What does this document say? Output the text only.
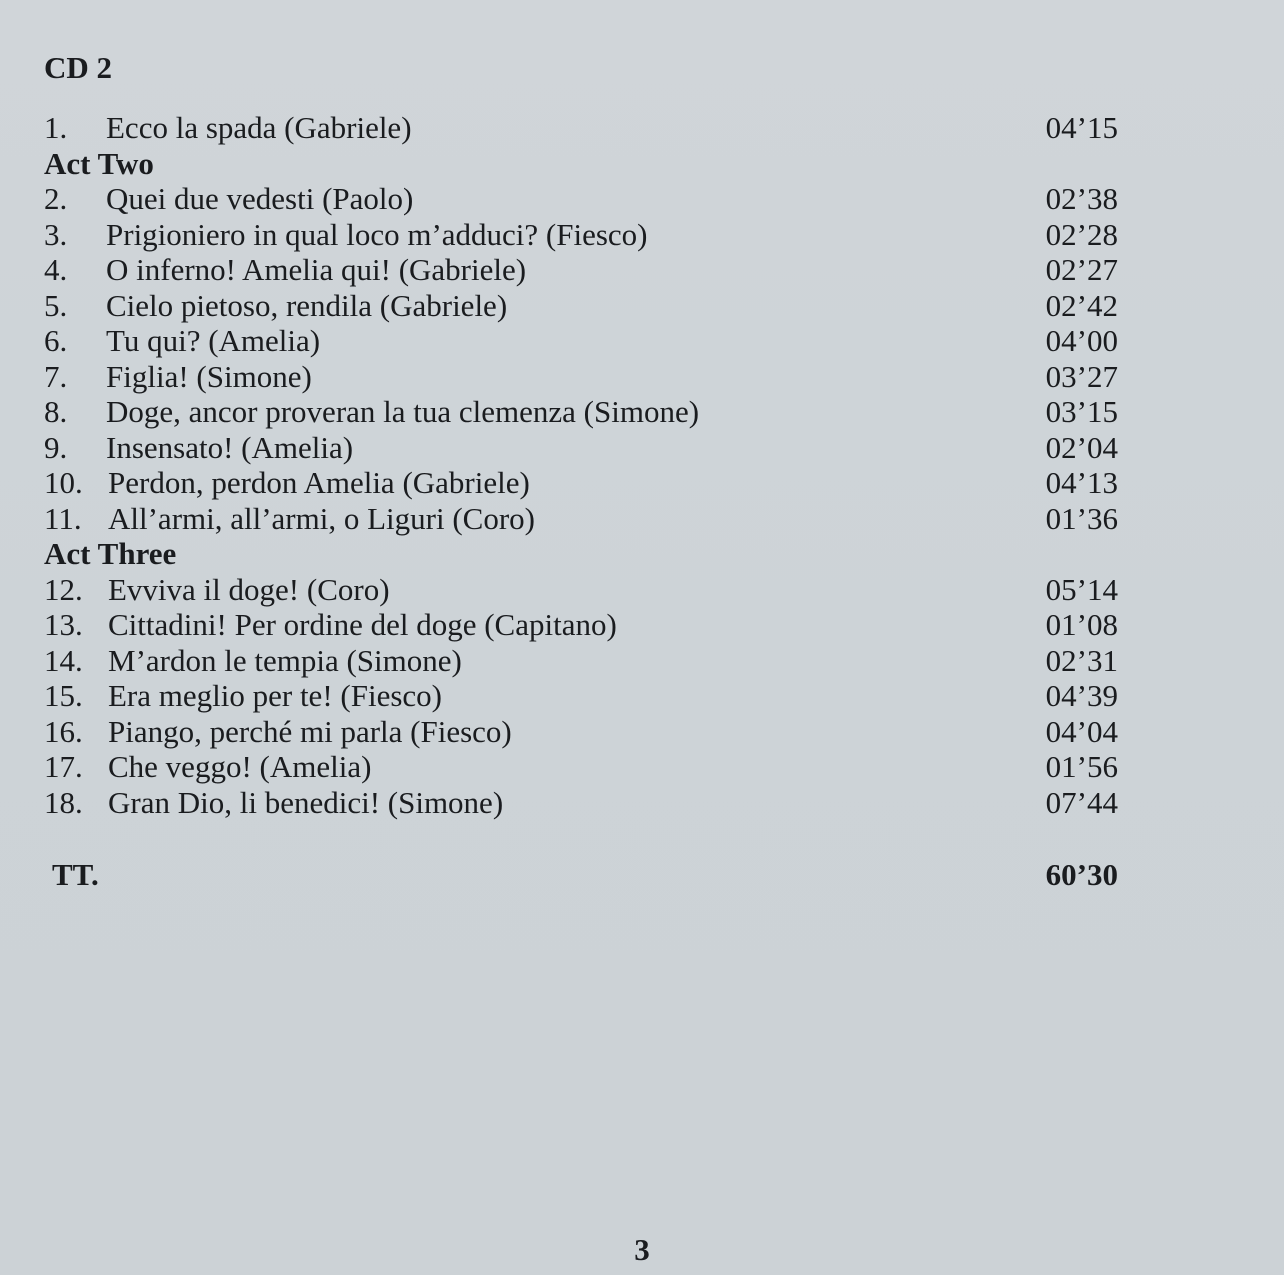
CD 2
1. Ecco la spada (Gabriele)	04’15
Act Two
2. Quei due vedesti (Paolo)	02’38
3. Prigioniero in qual loco m’adduci? (Fiesco)	02’28
4. O inferno! Amelia qui! (Gabriele)	02’27
5. Cielo pietoso, rendila (Gabriele)	02’42
6. Tu qui? (Amelia)	04’00
7. Figlia! (Simone)	03’27
8. Doge, ancor proveran la tua clemenza (Simone)	03’15
9. Insensato! (Amelia)	02’04
10. Perdon, perdon Amelia (Gabriele)	04’13
11. All’armi, all’armi, o Liguri (Coro)	01’36
Act Three
12. Evviva il doge! (Coro)	05’14
13. Cittadini! Per ordine del doge (Capitano)	01’08
14. M’ardon le tempia (Simone)	02’31
15. Era meglio per te! (Fiesco)	04’39
16. Piango, perché mi parla (Fiesco)	04’04
17. Che veggo! (Amelia)	01’56
18. Gran Dio, li benedici! (Simone)	07’44
TT.	60’30
3
